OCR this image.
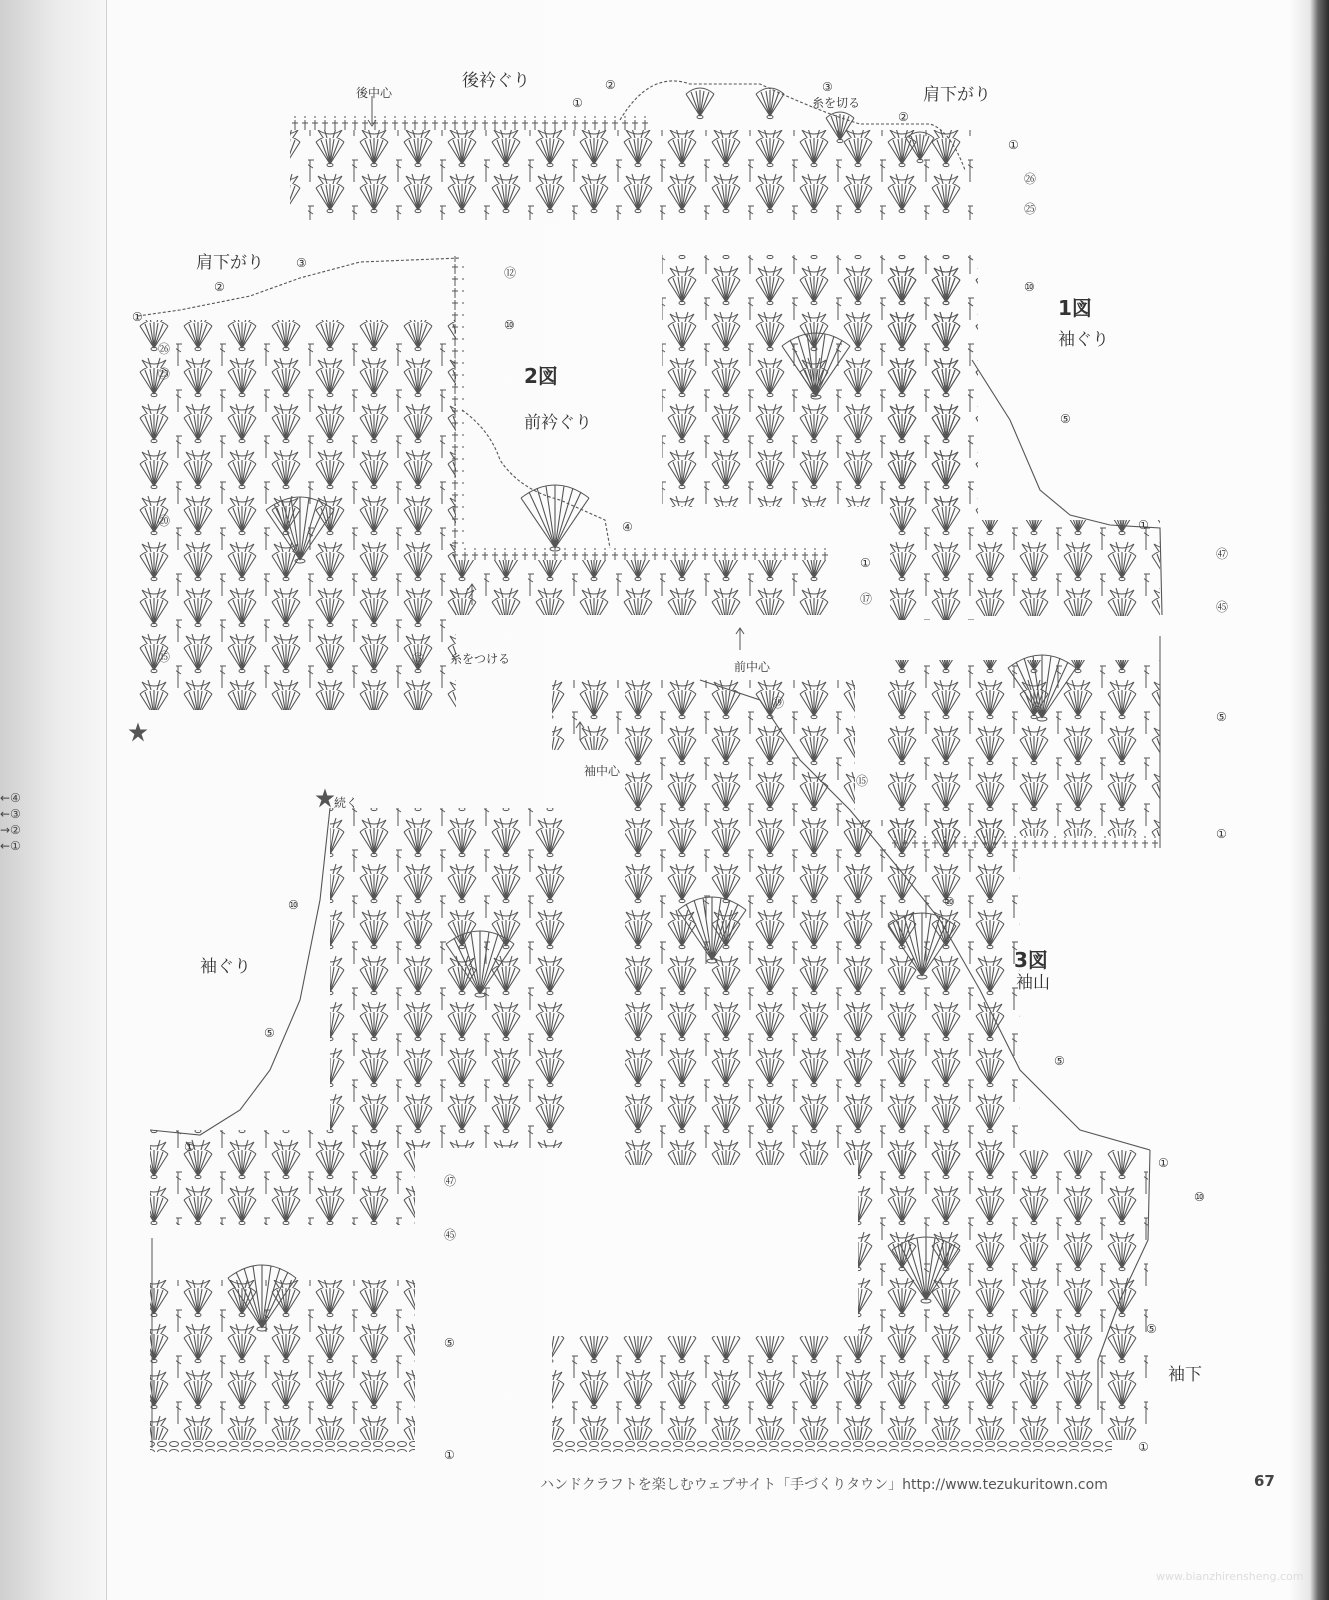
後衿ぐり
後中心	肩下がり
糸を切る
②
①
③
②
①
㉖
㉕
1図
袖ぐり
⑩
⑤
①
㊼
㊺
⑤
①
肩下がり	③
②
①
⑫
⑩
2図
前衿ぐり
④
①
⑰
⑮
㉖
㉕
⑳
⑮	糸をつける
前中心
続く
袖ぐり
⑩
⑤
①
㊼
㊺
⑤
①
袖中心
⑲
⑮
⑩
3図
袖山
⑤
①
⑩
⑤
袖下
①
←④
←③
→②
←①
ハンドクラフトを楽しむウェブサイト「手づくりタウン」http://www.tezukuritown.com	67
www.bianzhirensheng.com
